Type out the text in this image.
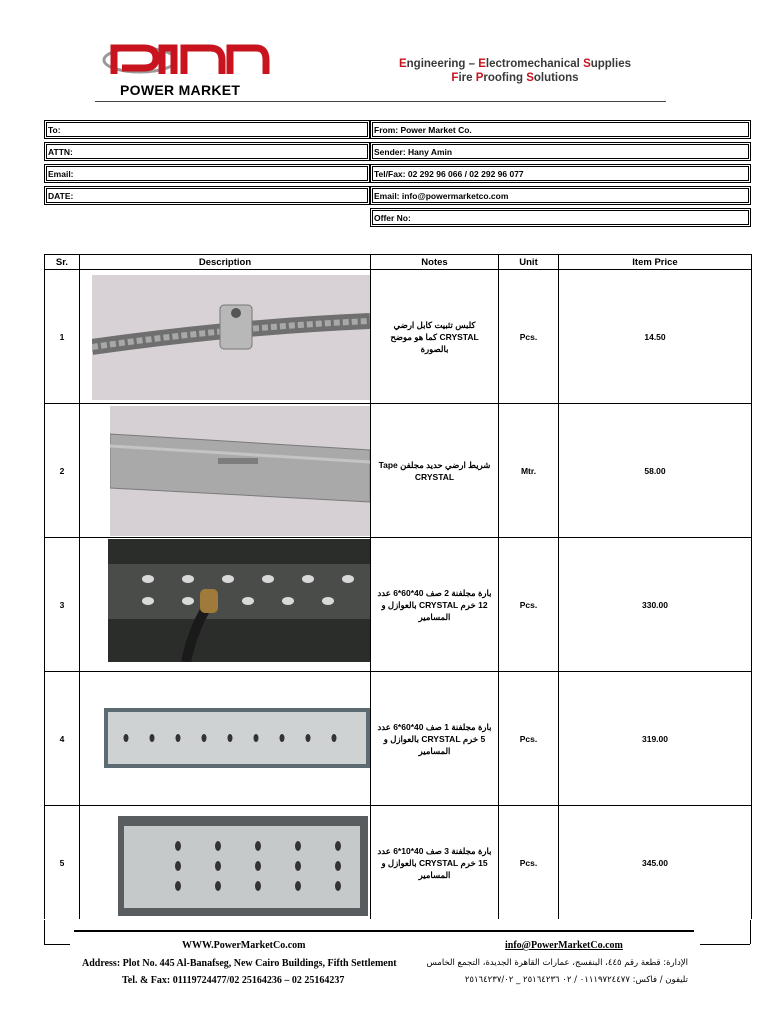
POWER MARKET
Engineering – Electromechanical Supplies
Fire Proofing Solutions
To:
ATTN:
Email:
DATE:
From: Power Market Co.
Sender: Hany Amin
Tel/Fax: 02 292 96 066 / 02 292 96 077
Email: info@powermarketco.com
Offer No:
Sr.	Description	Notes	Unit	Item Price
1		كلبس تثبيت كابل ارضي CRYSTAL كما هو موضح بالصورة	Pcs.	14.50
2		شريط ارضي حديد مجلفن Tape CRYSTAL	Mtr.	58.00
3		بارة مجلفنة 2 صف 40*60*6 عدد 12 خرم CRYSTAL بالعوازل و المسامير	Pcs.	330.00
4		بارة مجلفنة 1 صف 40*60*6 عدد 5 خرم CRYSTAL بالعوازل و المسامير	Pcs.	319.00
5		بارة مجلفنة 3 صف 40*10*6 عدد 15 خرم CRYSTAL بالعوازل و المسامير	Pcs.	345.00
WWW.PowerMarketCo.com
Address: Plot No. 445 Al-Banafseg, New Cairo Buildings, Fifth Settlement
Tel. & Fax: 01119724477/02 25164236 – 02 25164237
info@PowerMarketCo.com
الإدارة: قطعة رقم ٤٤٥، البنفسج، عمارات القاهرة الجديدة، التجمع الخامس
تليفون / فاكس: ٠١١١٩٧٢٤٤٧٧ / ٠٢ ٢٥١٦٤٢٣٦ _ ٢٥١٦٤٢٣٧/٠٢
